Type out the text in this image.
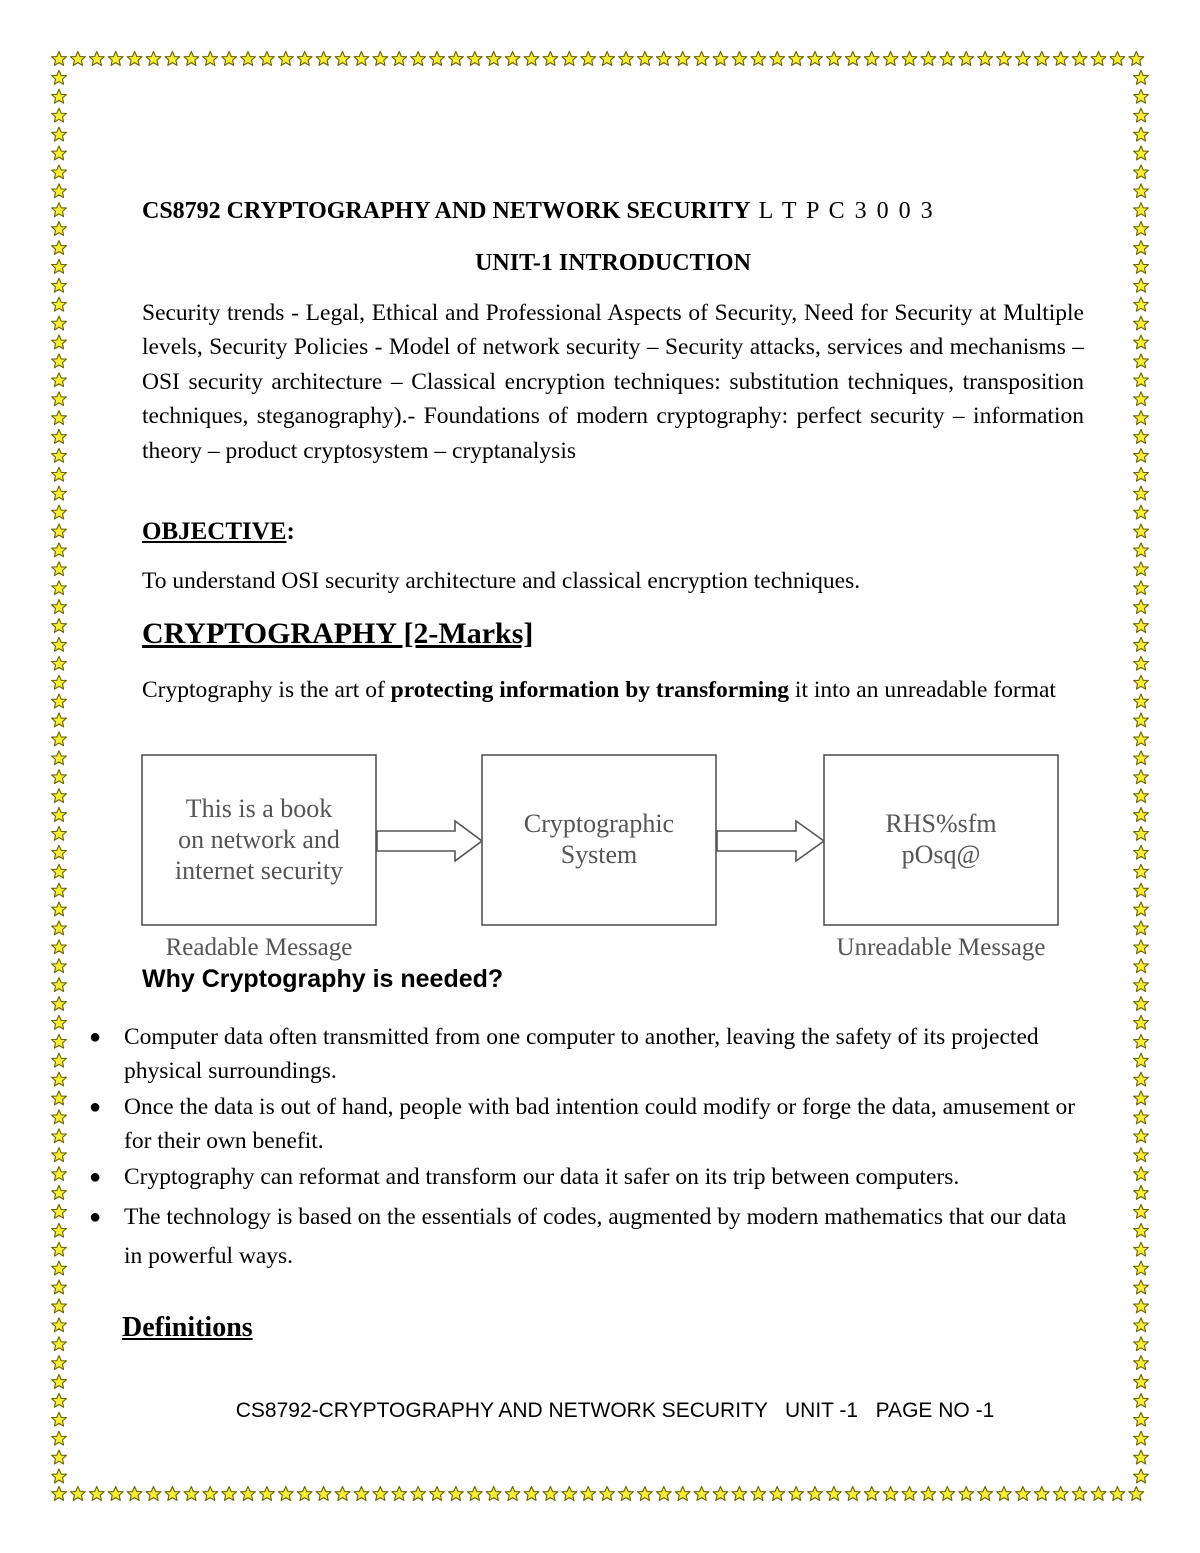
CS8792 CRYPTOGRAPHY AND NETWORK SECURITY L T P C 3 0 0 3
UNIT-1 INTRODUCTION

Security trends - Legal, Ethical and Professional Aspects of Security, Need for Security at Multiple levels, Security Policies - Model of network security – Security attacks, services and mechanisms – OSI security architecture – Classical encryption techniques: substitution techniques, transposition techniques, steganography).- Foundations of modern cryptography: perfect security – information theory – product cryptosystem – cryptanalysis

OBJECTIVE:

To understand OSI security architecture and classical encryption techniques.

CRYPTOGRAPHY [2-Marks]

Cryptography is the art of protecting information by transforming it into an unreadable format

This is a book
on network and
internet security
Cryptographic
System
RHS%sfm
pOsq@
Readable Message	Unreadable Message
Why Cryptography is needed?
● Computer data often transmitted from one computer to another, leaving the safety of its projected physical surroundings.
● Once the data is out of hand, people with bad intention could modify or forge the data, amusement or for their own benefit.
● Cryptography can reformat and transform our data it safer on its trip between computers.
● The technology is based on the essentials of codes, augmented by modern mathematics that our data in powerful ways.
Definitions
CS8792-CRYPTOGRAPHY AND NETWORK SECURITY   UNIT -1   PAGE NO -1
